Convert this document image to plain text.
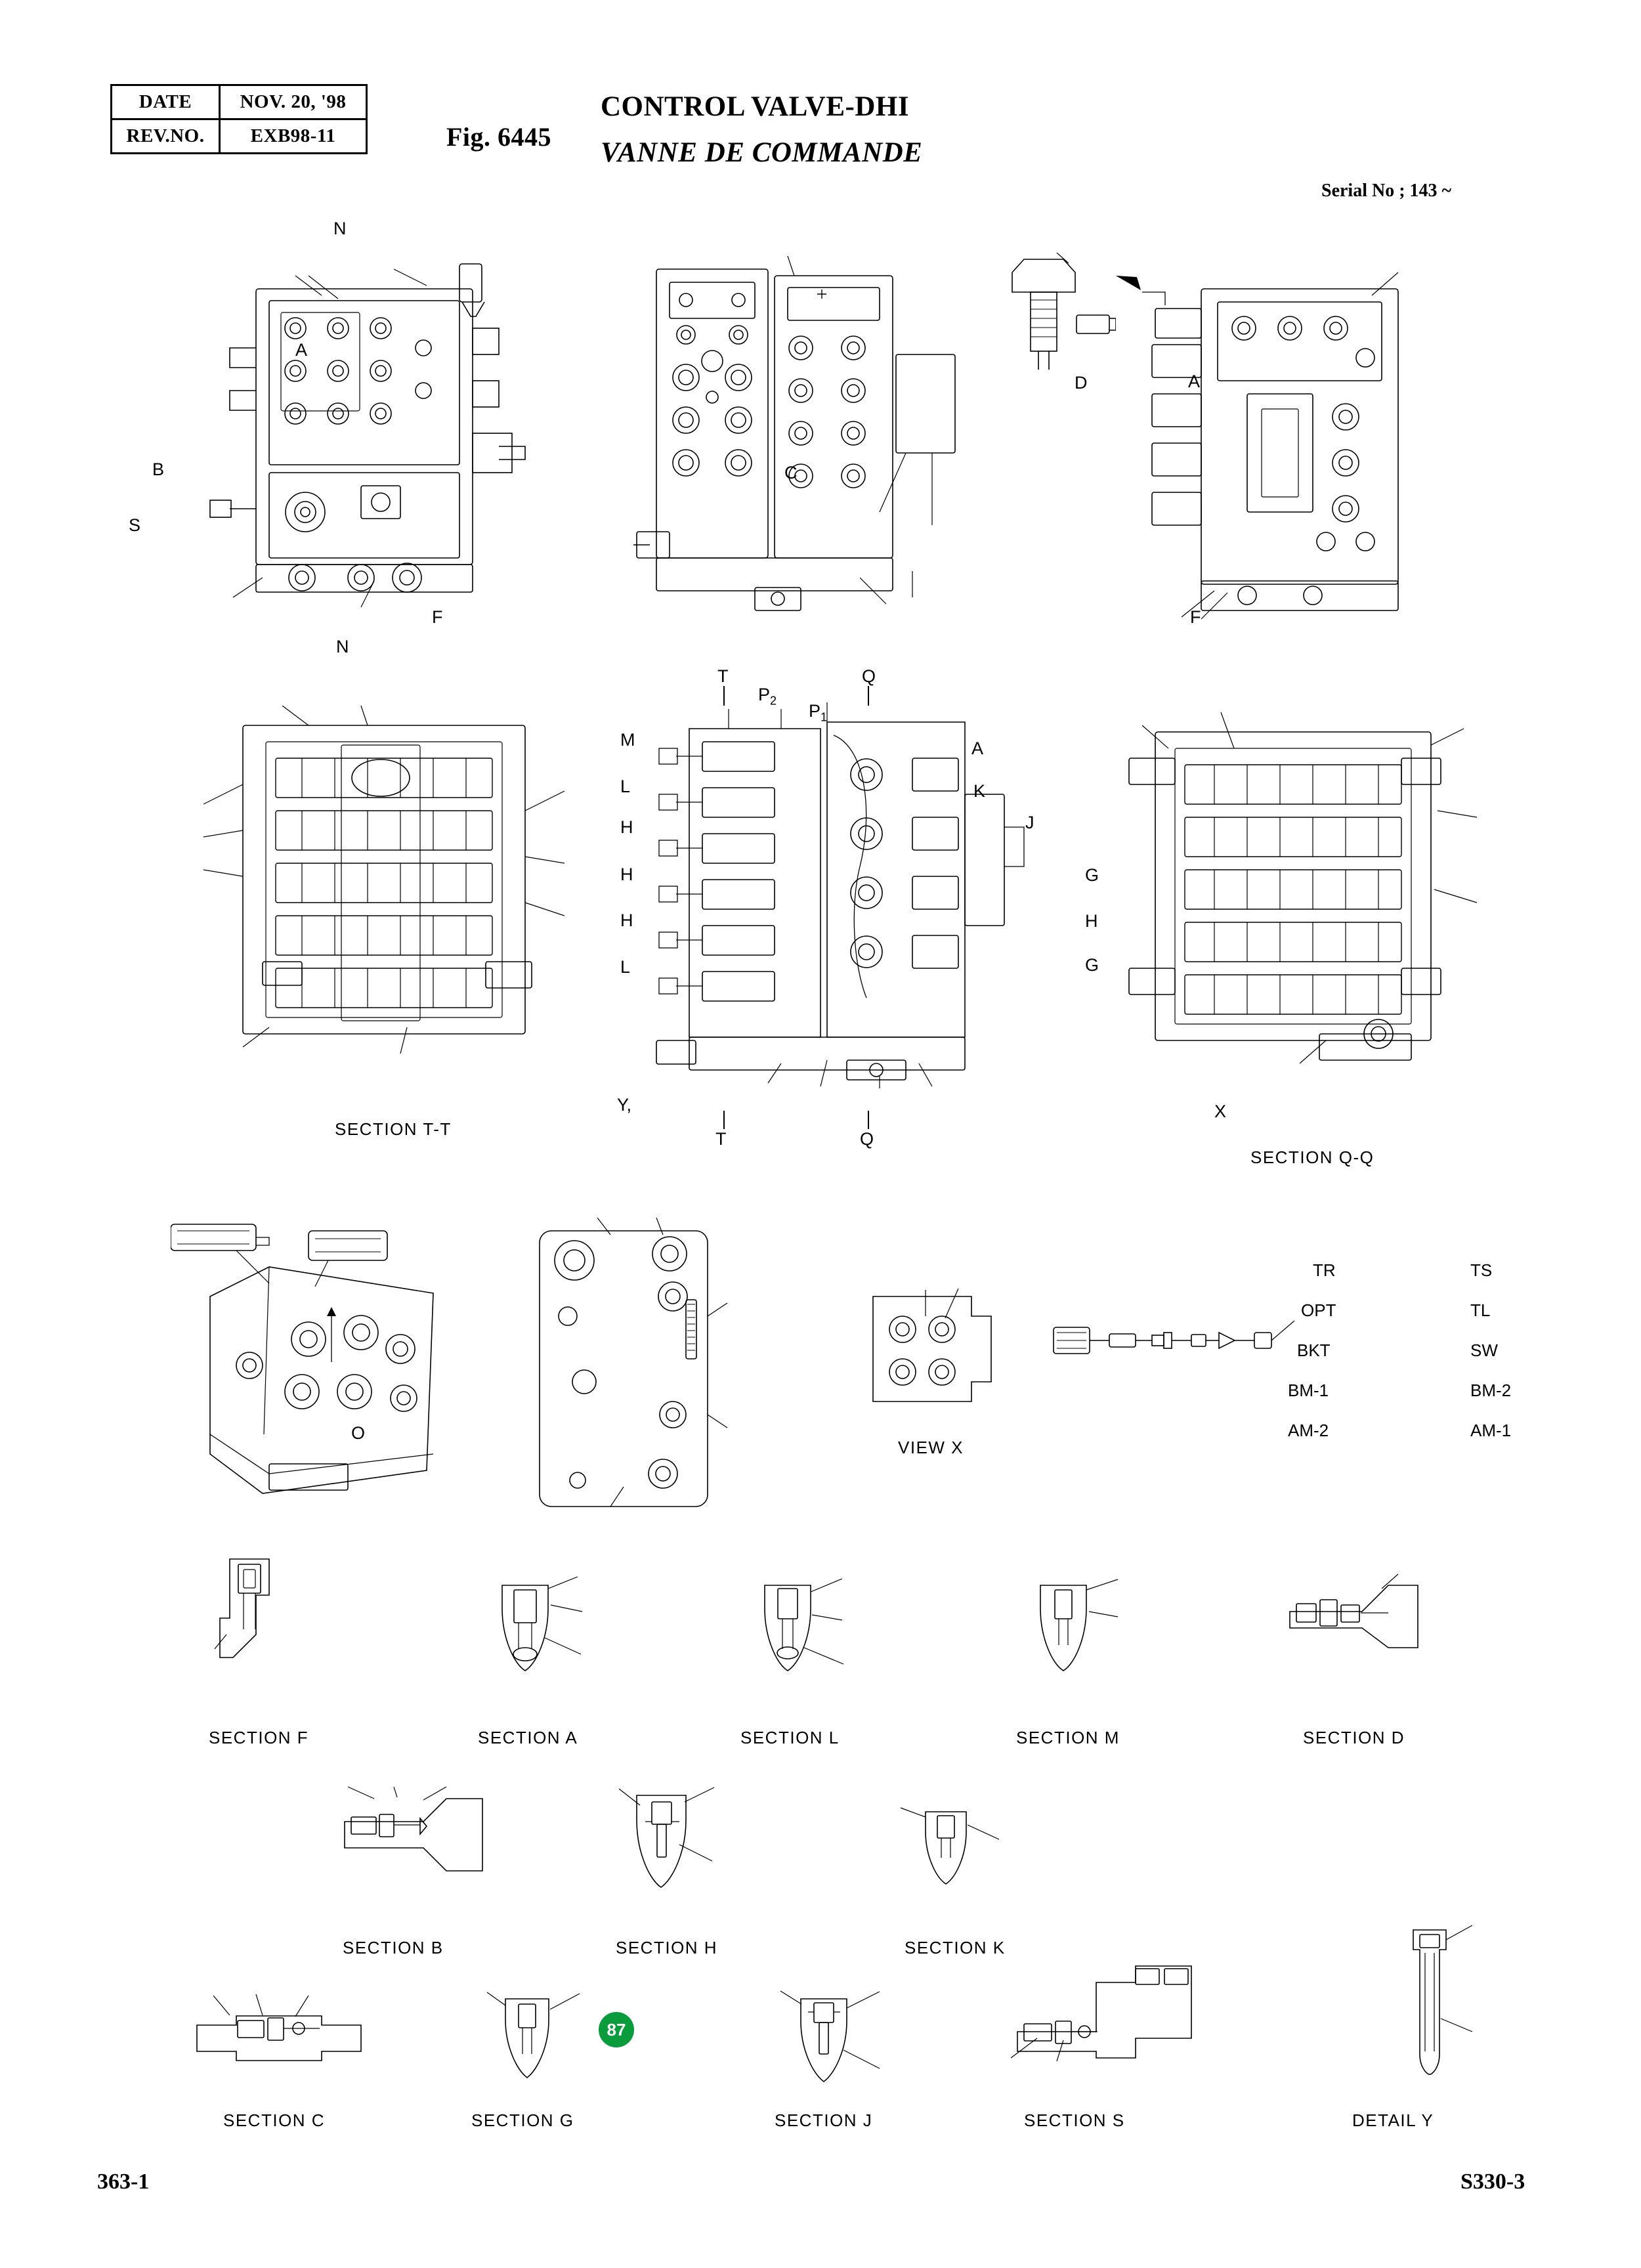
DATE	NOV. 20, '98
REV.NO.	EXB98-11	Fig. 6445
CONTROL VALVE-DHI
VANNE DE COMMANDE
Serial No ; 143 ~
N
A
B
S
F
N
C
D	A
F
SECTION T-T
T
$P_2$
$P_1$
Q
M
L
H
H
H
L
A
K
J
Y,
T	Q
G
H
G
X
SECTION Q-Q
O
VIEW X
TR
OPT
BKT
BM-1
AM-2
TS
TL
SW
BM-2
AM-1
SECTION F	SECTION A	SECTION L	SECTION M	SECTION D
SECTION B	SECTION H	SECTION K
SECTION C	SECTION G
87
SECTION J	SECTION S	DETAIL Y
363-1	S330-3
